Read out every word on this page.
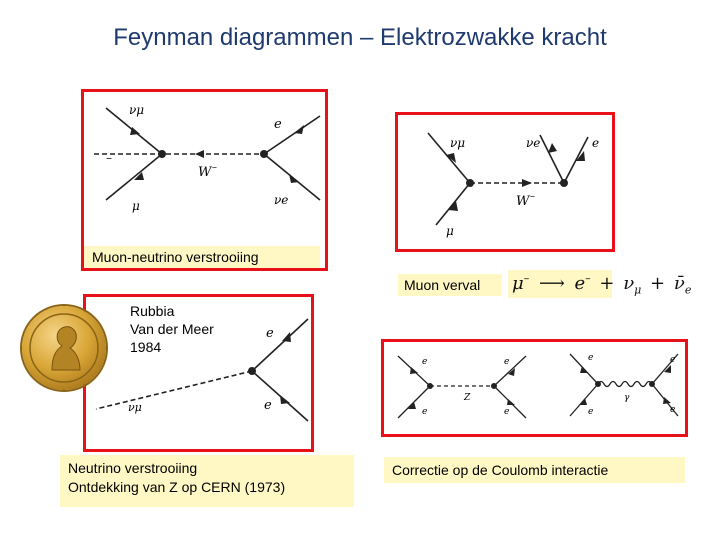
Feynman diagrammen – Elektrozwakke kracht
νμ
e
–
W –
μ	νe
Muon-neutrino verstrooiing
νμ	νe	e
W –
μ
Muon verval	μ– ⟶ $e^- + \nu_\mu$ + $\nū_e$
e
νμ	e
Rubbia
Van der Meer
1984
Neutrino verstrooiing
Ontdekking van Z op CERN (1973)
e	e
Z
e	e
e	e
γ
e	e
Correctie op de Coulomb interactie
